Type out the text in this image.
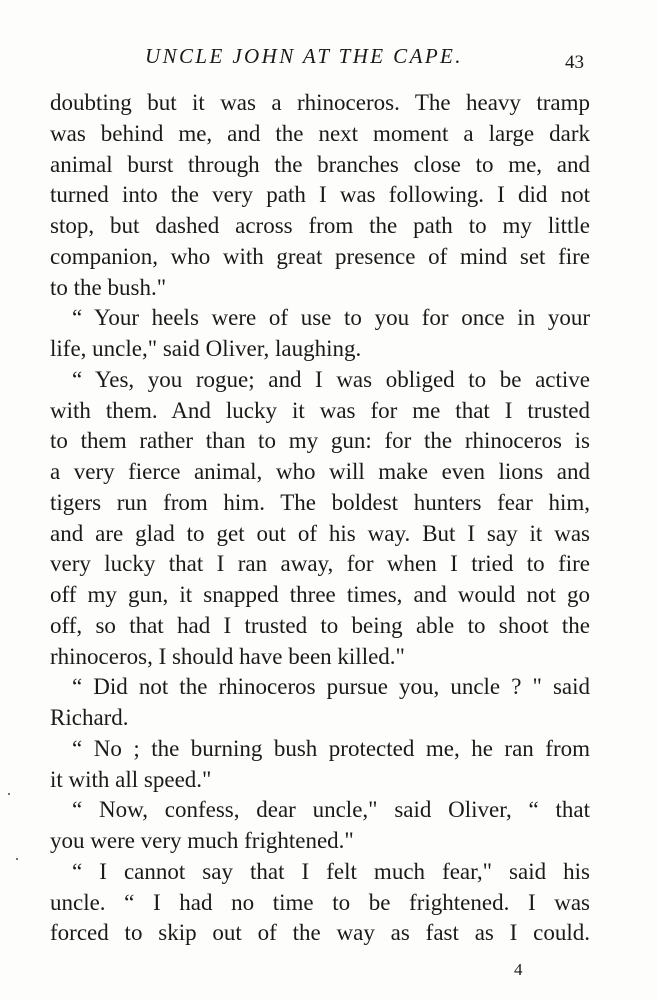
UNCLE JOHN AT THE CAPE.	43
doubting but it was a rhinoceros. The heavy tramp
was behind me, and the next moment a large dark
animal burst through the branches close to me, and
turned into the very path I was following. I did not
stop, but dashed across from the path to my little
companion, who with great presence of mind set fire
to the bush."
“ Your heels were of use to you for once in your
life, uncle," said Oliver, laughing.
“ Yes, you rogue; and I was obliged to be active
with them. And lucky it was for me that I trusted
to them rather than to my gun: for the rhinoceros is
a very fierce animal, who will make even lions and
tigers run from him. The boldest hunters fear him,
and are glad to get out of his way. But I say it was
very lucky that I ran away, for when I tried to fire
off my gun, it snapped three times, and would not go
off, so that had I trusted to being able to shoot the
rhinoceros, I should have been killed."
“ Did not the rhinoceros pursue you, uncle ? " said
Richard.
“ No ; the burning bush protected me, he ran from
it with all speed."
“ Now, confess, dear uncle," said Oliver, “ that
you were very much frightened."
“ I cannot say that I felt much fear," said his
uncle. “ I had no time to be frightened. I was
forced to skip out of the way as fast as I could.
4
